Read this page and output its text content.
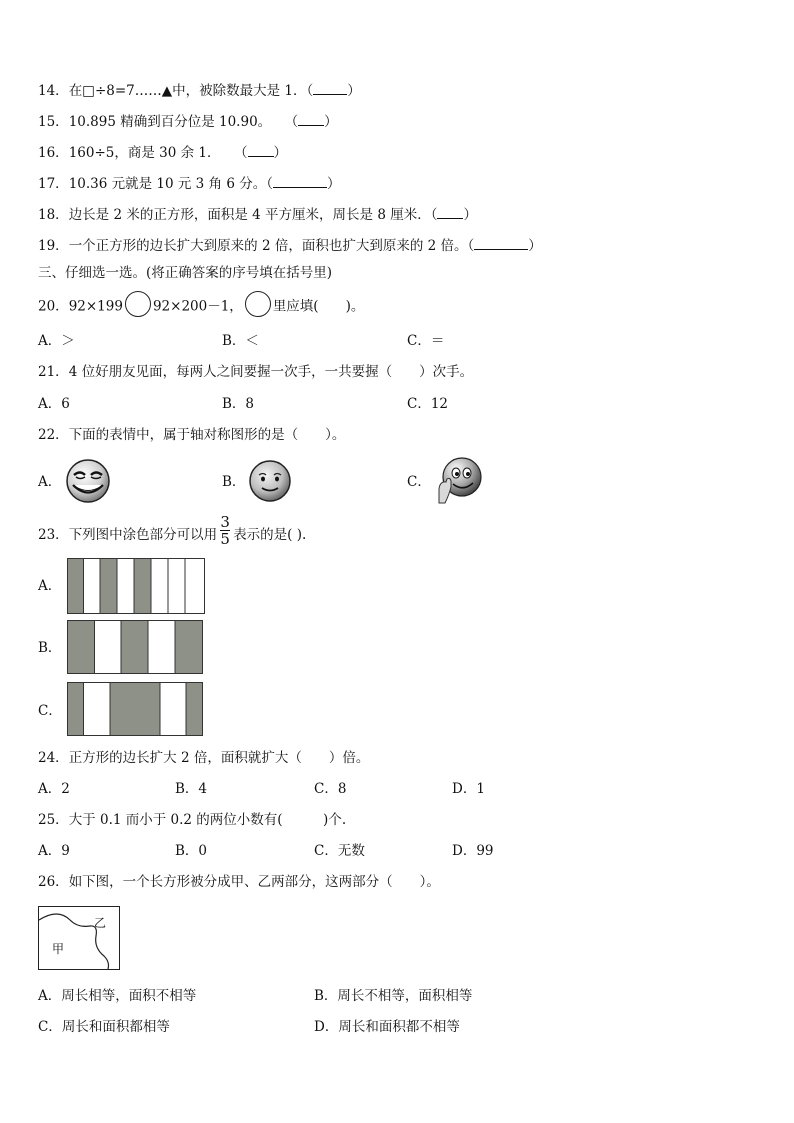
14．在□÷8=7……▲中，被除数最大是 1．（	）
15．10.895 精确到百分位是 10.90。　　（ ）
16．160÷5，商是 30 余 1．　　（ ）
17．10.36 元就是 10 元 3 角 6 分。（	）
18．边长是 2 米的正方形，面积是 4 平方厘米，周长是 8 厘米．（ ）
19．一个正方形的边长扩大到原来的 2 倍，面积也扩大到原来的 2 倍。（	）
三、仔细选一选。(将正确答案的序号填在括号里)
20．92×199 92×200－1， 里应填(　　)。
A．＞	B．＜	C．＝
21．4 位好朋友见面，每两人之间要握一次手，一共要握（　　）次手。
A．6	B．8	C．12
22．下面的表情中，属于轴对称图形的是（　　）。
A．	B．	C．
23．下列图中涂色部分可以用 $\frac{3}{5}$ 表示的是( ).
A．
B．
C．
24．正方形的边长扩大 2 倍，面积就扩大（　　）倍。
A．2	B．4	C．8	D．1
25．大于 0.1 而小于 0.2 的两位小数有(　　　)个.
A．9	B．0	C．无数	D．99
26．如下图，一个长方形被分成甲、乙两部分，这两部分（　　）。
甲
乙
A．周长相等，面积不相等	B．周长不相等，面积相等
C．周长和面积都相等	D．周长和面积都不相等
